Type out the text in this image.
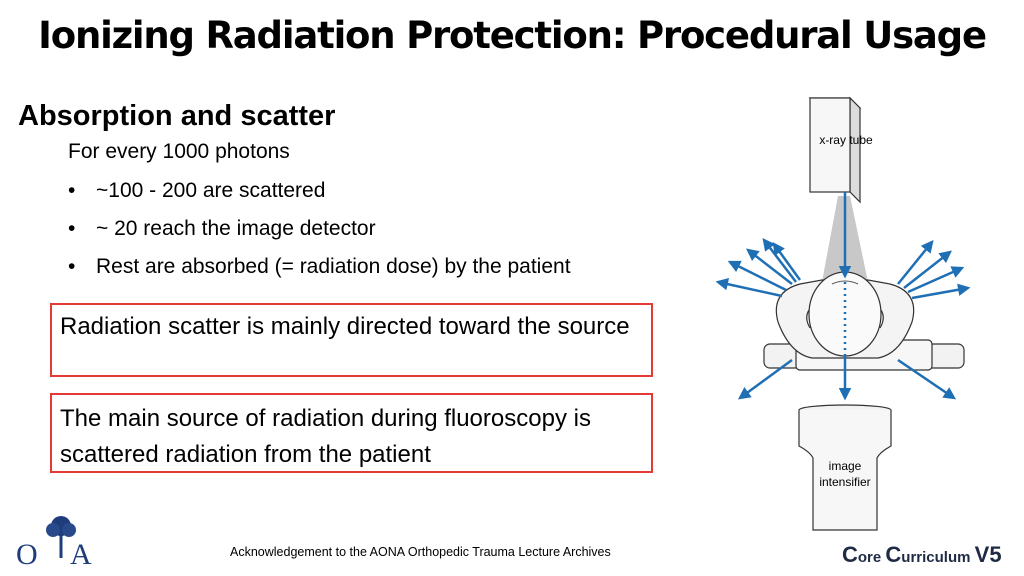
Ionizing Radiation Protection: Procedural Usage
Absorption and scatter
For every 1000 photons
• ~100 - 200 are scattered
• ~ 20 reach the image detector
• Rest are absorbed (= radiation dose) by the patient
Radiation scatter is mainly directed toward the source
The main source of radiation during fluoroscopy is scattered radiation from the patient
x-ray tube
image
intensifier
O A	Acknowledgement to the AONA Orthopedic Trauma Lecture Archives	Core Curriculum V5
